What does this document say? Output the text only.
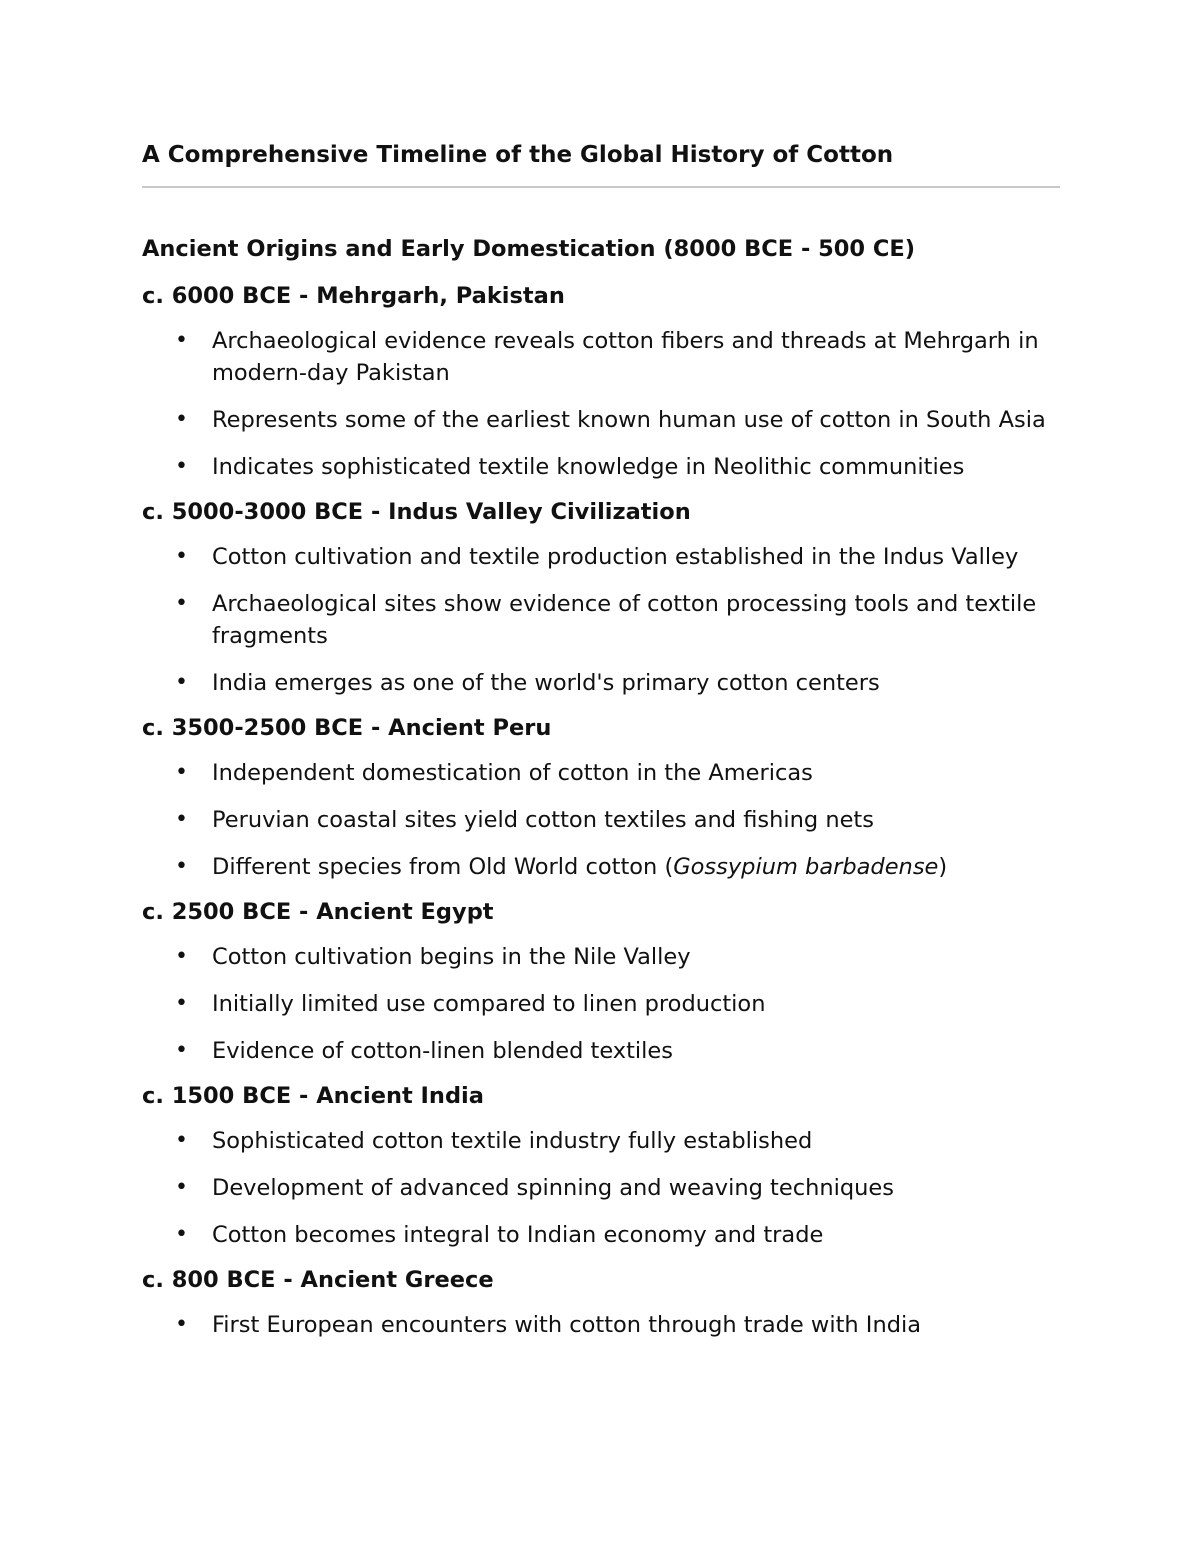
A Comprehensive Timeline of the Global History of Cotton
Ancient Origins and Early Domestication (8000 BCE - 500 CE)
c. 6000 BCE - Mehrgarh, Pakistan
• Archaeological evidence reveals cotton fibers and threads at Mehrgarh in modern-day Pakistan
• Represents some of the earliest known human use of cotton in South Asia
• Indicates sophisticated textile knowledge in Neolithic communities
c. 5000-3000 BCE - Indus Valley Civilization
• Cotton cultivation and textile production established in the Indus Valley
• Archaeological sites show evidence of cotton processing tools and textile fragments
• India emerges as one of the world's primary cotton centers
c. 3500-2500 BCE - Ancient Peru
• Independent domestication of cotton in the Americas
• Peruvian coastal sites yield cotton textiles and fishing nets
• Different species from Old World cotton (Gossypium barbadense)
c. 2500 BCE - Ancient Egypt
• Cotton cultivation begins in the Nile Valley
• Initially limited use compared to linen production
• Evidence of cotton-linen blended textiles
c. 1500 BCE - Ancient India
• Sophisticated cotton textile industry fully established
• Development of advanced spinning and weaving techniques
• Cotton becomes integral to Indian economy and trade
c. 800 BCE - Ancient Greece
• First European encounters with cotton through trade with India
